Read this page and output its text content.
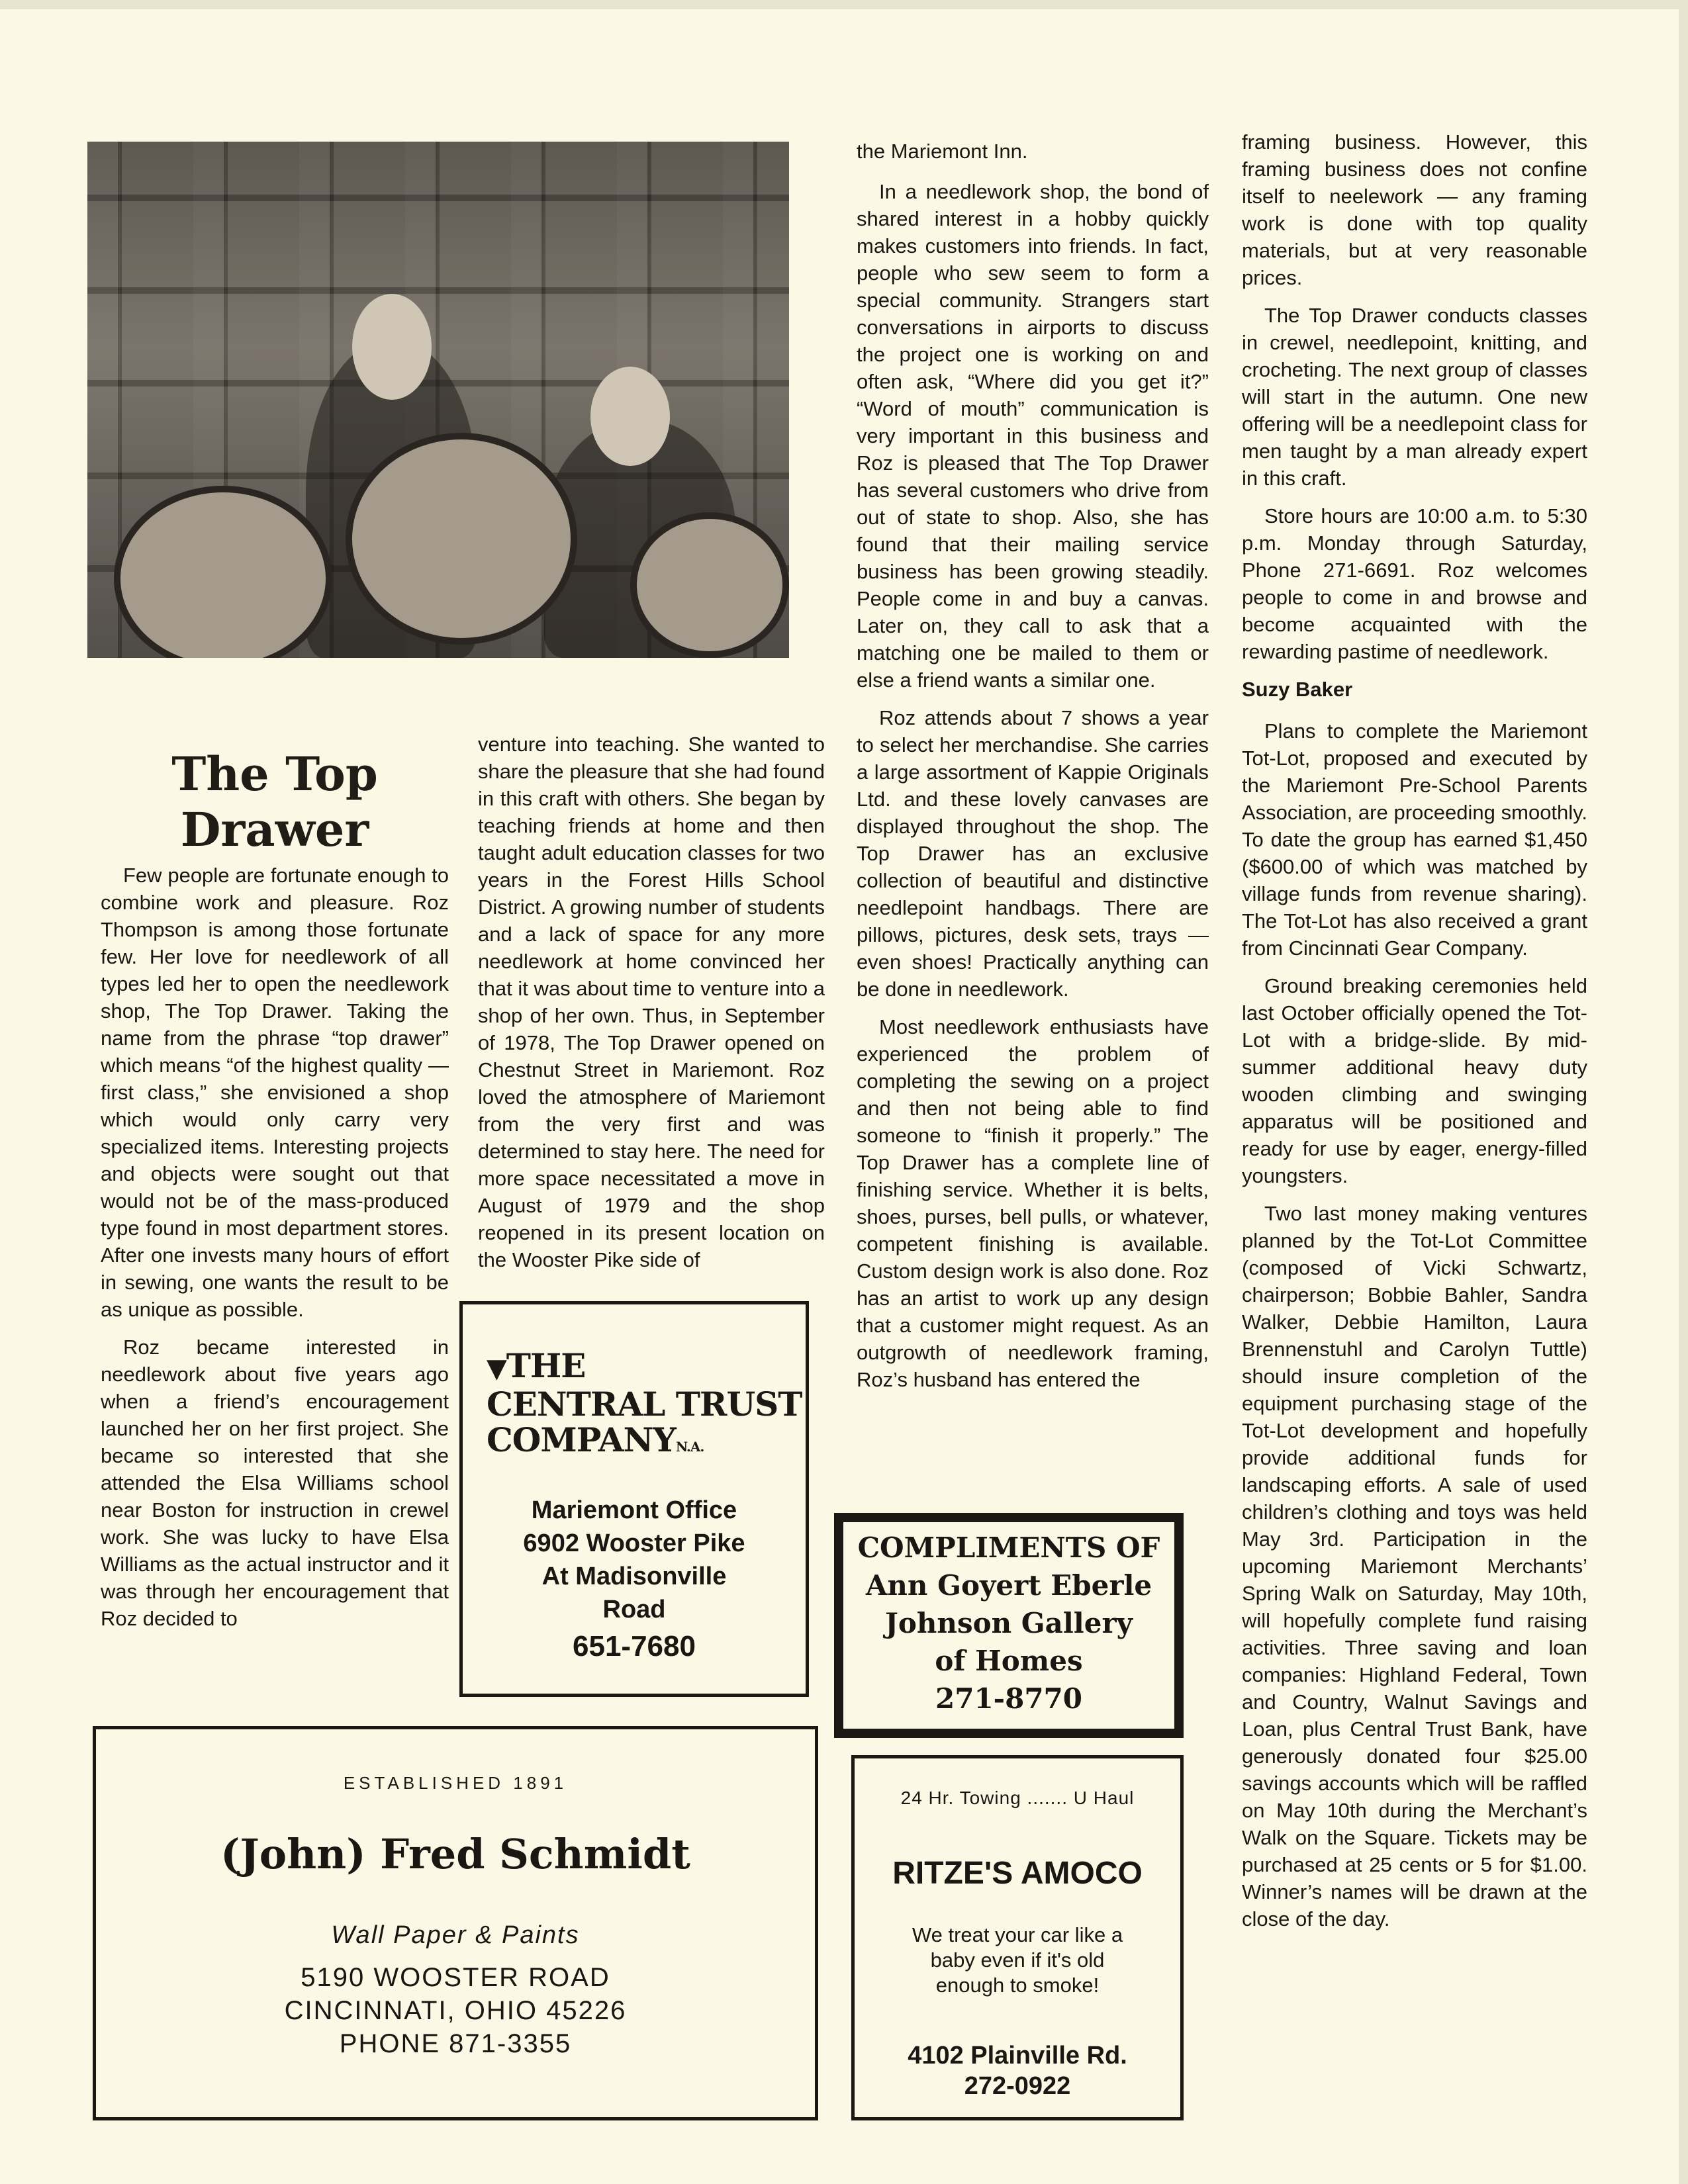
The Top Drawer

Few people are fortunate enough to combine work and pleasure. Roz Thompson is among those fortunate few. Her love for needlework of all types led her to open the needlework shop, The Top Drawer. Taking the name from the phrase “top drawer” which means “of the highest quality — first class,” she envisioned a shop which would only carry very specialized items. Interesting projects and objects were sought out that would not be of the mass-produced type found in most department stores. After one invests many hours of effort in sewing, one wants the result to be as unique as possible.

Roz became interested in needlework about five years ago when a friend’s encouragement launched her on her first project. She became so interested that she attended the Elsa Williams school near Boston for instruction in crewel work. She was lucky to have Elsa Williams as the actual instructor and it was through her encouragement that Roz decided to

venture into teaching. She wanted to share the pleasure that she had found in this craft with others. She began by teaching friends at home and then taught adult education classes for two years in the Forest Hills School District. A growing number of students and a lack of space for any more needlework at home convinced her that it was about time to venture into a shop of her own. Thus, in September of 1978, The Top Drawer opened on Chestnut Street in Mariemont. Roz loved the atmosphere of Mariemont from the very first and was determined to stay here. The need for more space necessitated a move in August of 1979 and the shop reopened in its present location on the Wooster Pike side of

the Mariemont Inn.

In a needlework shop, the bond of shared interest in a hobby quickly makes customers into friends. In fact, people who sew seem to form a special community. Strangers start conversations in airports to discuss the project one is working on and often ask, “Where did you get it?” “Word of mouth” communication is very important in this business and Roz is pleased that The Top Drawer has several customers who drive from out of state to shop. Also, she has found that their mailing service business has been growing steadily. People come in and buy a canvas. Later on, they call to ask that a matching one be mailed to them or else a friend wants a similar one.

Roz attends about 7 shows a year to select her merchandise. She carries a large assortment of Kappie Originals Ltd. and these lovely canvases are displayed throughout the shop. The Top Drawer has an exclusive collection of beautiful and distinctive needlepoint handbags. There are pillows, pictures, desk sets, trays — even shoes! Practically anything can be done in needlework.

Most needlework enthusiasts have experienced the problem of completing the sewing on a project and then not being able to find someone to “finish it properly.” The Top Drawer has a complete line of finishing service. Whether it is belts, shoes, purses, bell pulls, or whatever, competent finishing is available. Custom design work is also done. Roz has an artist to work up any design that a customer might request. As an outgrowth of needlework framing, Roz’s husband has entered the

framing business. However, this framing business does not confine itself to neelework — any framing work is done with top quality materials, but at very reasonable prices.

The Top Drawer conducts classes in crewel, needlepoint, knitting, and crocheting. The next group of classes will start in the autumn. One new offering will be a needlepoint class for men taught by a man already expert in this craft.

Store hours are 10:00 a.m. to 5:30 p.m. Monday through Saturday, Phone 271-6691. Roz welcomes people to come in and browse and become acquainted with the rewarding pastime of needlework.

Suzy Baker

Plans to complete the Mariemont Tot-Lot, proposed and executed by the Mariemont Pre-School Parents Association, are proceeding smoothly. To date the group has earned $1,450 ($600.00 of which was matched by village funds from revenue sharing). The Tot-Lot has also received a grant from Cincinnati Gear Company.

Ground breaking ceremonies held last October officially opened the Tot-Lot with a bridge-slide. By mid-summer additional heavy duty wooden climbing and swinging apparatus will be positioned and ready for use by eager, energy-filled youngsters.

Two last money making ventures planned by the Tot-Lot Committee (composed of Vicki Schwartz, chairperson; Bobbie Bahler, Sandra Walker, Debbie Hamilton, Laura Brennenstuhl and Carolyn Tuttle) should insure completion of the equipment purchasing stage of the Tot-Lot development and hopefully provide additional funds for landscaping efforts. A sale of used children’s clothing and toys was held May 3rd. Participation in the upcoming Mariemont Merchants’ Spring Walk on Saturday, May 10th, will hopefully complete fund raising activities. Three saving and loan companies: Highland Federal, Town and Country, Walnut Savings and Loan, plus Central Trust Bank, have generously donated four $25.00 savings accounts which will be raffled on May 10th during the Merchant’s Walk on the Square. Tickets may be purchased at 25 cents or 5 for $1.00. Winner’s names will be drawn at the close of the day.

▼THE
CENTRAL TRUST
COMPANYN.A.
Mariemont Office
6902 Wooster Pike
At Madisonville
Road
651-7680
COMPLIMENTS OF
Ann Goyert Eberle
Johnson Gallery
of Homes
271-8770
ESTABLISHED 1891
(John) Fred Schmidt
Wall Paper & Paints
5190 WOOSTER ROAD
CINCINNATI, OHIO 45226
PHONE 871-3355
24 Hr. Towing ....... U Haul
RITZE'S AMOCO
We treat your car like a baby even if it's old enough to smoke!
4102 Plainville Rd.
272-0922
